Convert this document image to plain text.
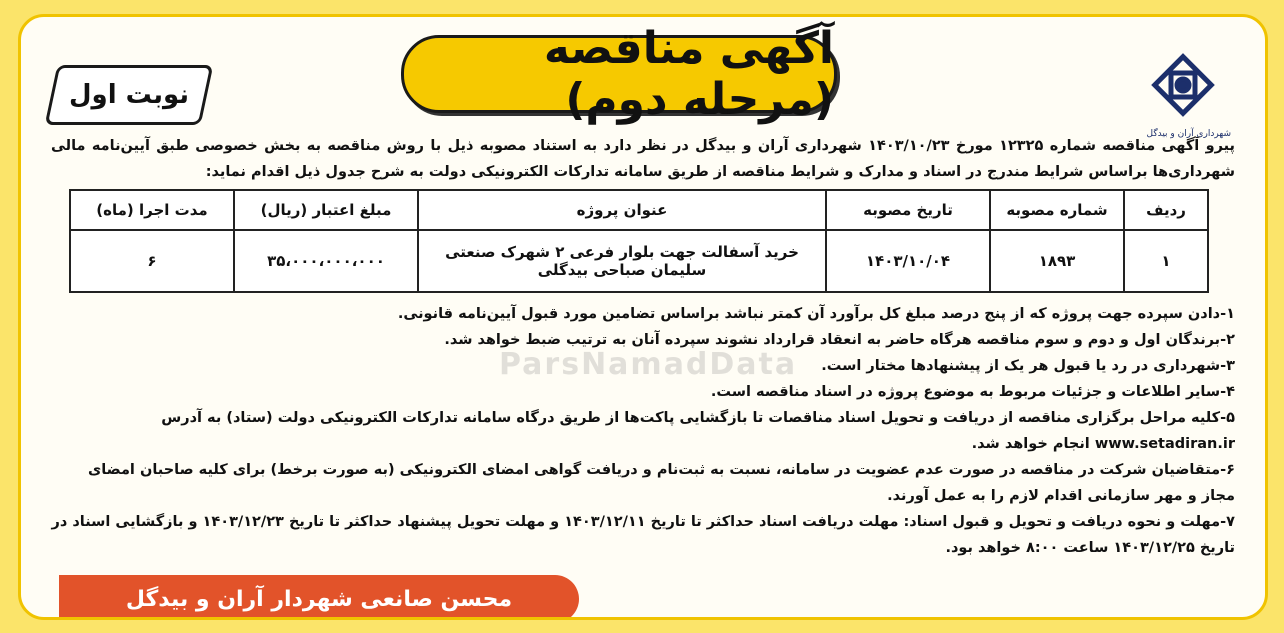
آگهی مناقصه (مرحله دوم)
نوبت اول
شهرداری آران و بیدگل
پیرو آگهی مناقصه شماره ۱۲۳۲۵ مورخ ۱۴۰۳/۱۰/۲۳ شهرداری آران و بیدگل در نظر دارد به استناد مصوبه ذیل با روش مناقصه به بخش خصوصی طبق آیین‌نامه مالی شهرداری‌ها براساس شرایط مندرج در اسناد و مدارک و شرایط مناقصه از طریق سامانه تدارکات الکترونیکی دولت به شرح جدول ذیل اقدام نماید:
ردیف	شماره مصوبه	تاریخ مصوبه	عنوان پروژه	مبلغ اعتبار (ریال)	مدت اجرا (ماه)
۱	۱۸۹۳	۱۴۰۳/۱۰/۰۴	خرید آسفالت جهت بلوار فرعی ۲ شهرک صنعتی سلیمان صباحی بیدگلی	۳۵،۰۰۰،۰۰۰،۰۰۰	۶
ParsNamadData

۱-دادن سپرده جهت پروژه که از پنج درصد مبلغ کل برآورد آن کمتر نباشد براساس تضامین مورد قبول آیین‌نامه قانونی.

۲-برندگان اول و دوم و سوم مناقصه هرگاه حاضر به انعقاد قرارداد نشوند سپرده آنان به ترتیب ضبط خواهد شد.

۳-شهرداری در رد یا قبول هر یک از پیشنهادها مختار است.

۴-سایر اطلاعات و جزئیات مربوط به موضوع پروژه در اسناد مناقصه است.

۵-کلیه مراحل برگزاری مناقصه از دریافت و تحویل اسناد مناقصات تا بازگشایی پاکت‌ها از طریق درگاه سامانه تدارکات الکترونیکی دولت (ستاد) به آدرس www.setadiran.ir انجام خواهد شد.

۶-متقاضیان شرکت در مناقصه در صورت عدم عضویت در سامانه، نسبت به ثبت‌نام و دریافت گواهی امضای الکترونیکی (به صورت برخط) برای کلیه صاحبان امضای مجاز و مهر سازمانی اقدام لازم را به عمل آورند.

۷-مهلت و نحوه دریافت و تحویل و قبول اسناد: مهلت دریافت اسناد حداکثر تا تاریخ ۱۴۰۳/۱۲/۱۱ و مهلت تحویل پیشنهاد حداکثر تا تاریخ ۱۴۰۳/۱۲/۲۳ و بازگشایی اسناد در تاریخ ۱۴۰۳/۱۲/۲۵ ساعت ۸:۰۰ خواهد بود.

محسن صانعی شهردار آران و بیدگل
